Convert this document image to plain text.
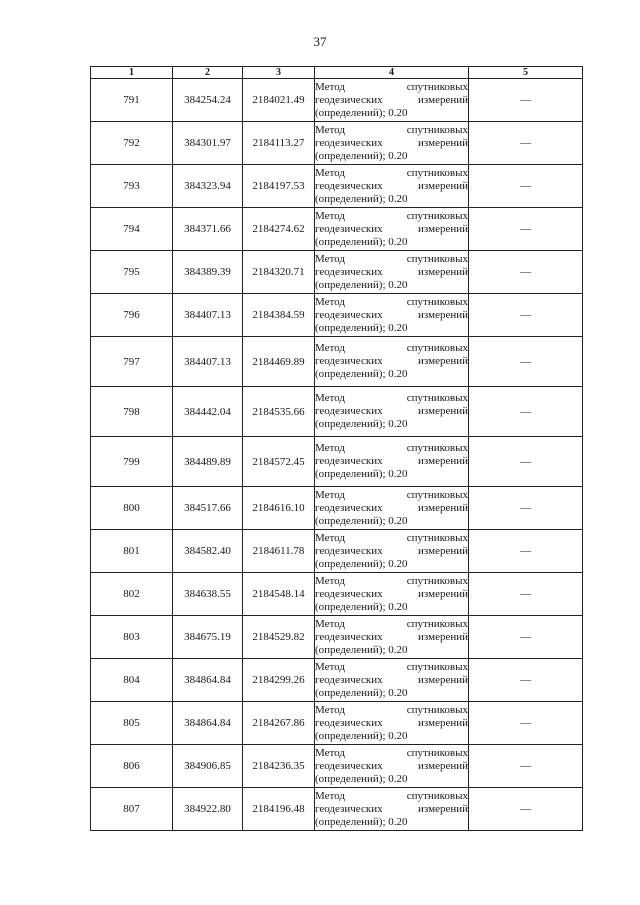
37
1	2	3	4	5
791	384254.24	2184021.49	Метод спутниковых
геодезических измерений
(определений); 0.20	—
792	384301.97	2184113.27	Метод спутниковых
геодезических измерений
(определений); 0.20	—
793	384323.94	2184197.53	Метод спутниковых
геодезических измерений
(определений); 0.20	—
794	384371.66	2184274.62	Метод спутниковых
геодезических измерений
(определений); 0.20	—
795	384389.39	2184320.71	Метод спутниковых
геодезических измерений
(определений); 0.20	—
796	384407.13	2184384.59	Метод спутниковых
геодезических измерений
(определений); 0.20	—
797	384407.13	2184469.89	Метод спутниковых
геодезических измерений
(определений); 0.20	—
798	384442.04	2184535.66	Метод спутниковых
геодезических измерений
(определений); 0.20	—
799	384489.89	2184572.45	Метод спутниковых
геодезических измерений
(определений); 0.20	—
800	384517.66	2184616.10	Метод спутниковых
геодезических измерений
(определений); 0.20	—
801	384582.40	2184611.78	Метод спутниковых
геодезических измерений
(определений); 0.20	—
802	384638.55	2184548.14	Метод спутниковых
геодезических измерений
(определений); 0.20	—
803	384675.19	2184529.82	Метод спутниковых
геодезических измерений
(определений); 0.20	—
804	384864.84	2184299.26	Метод спутниковых
геодезических измерений
(определений); 0.20	—
805	384864.84	2184267.86	Метод спутниковых
геодезических измерений
(определений); 0.20	—
806	384906.85	2184236.35	Метод спутниковых
геодезических измерений
(определений); 0.20	—
807	384922.80	2184196.48	Метод спутниковых
геодезических измерений
(определений); 0.20	—
